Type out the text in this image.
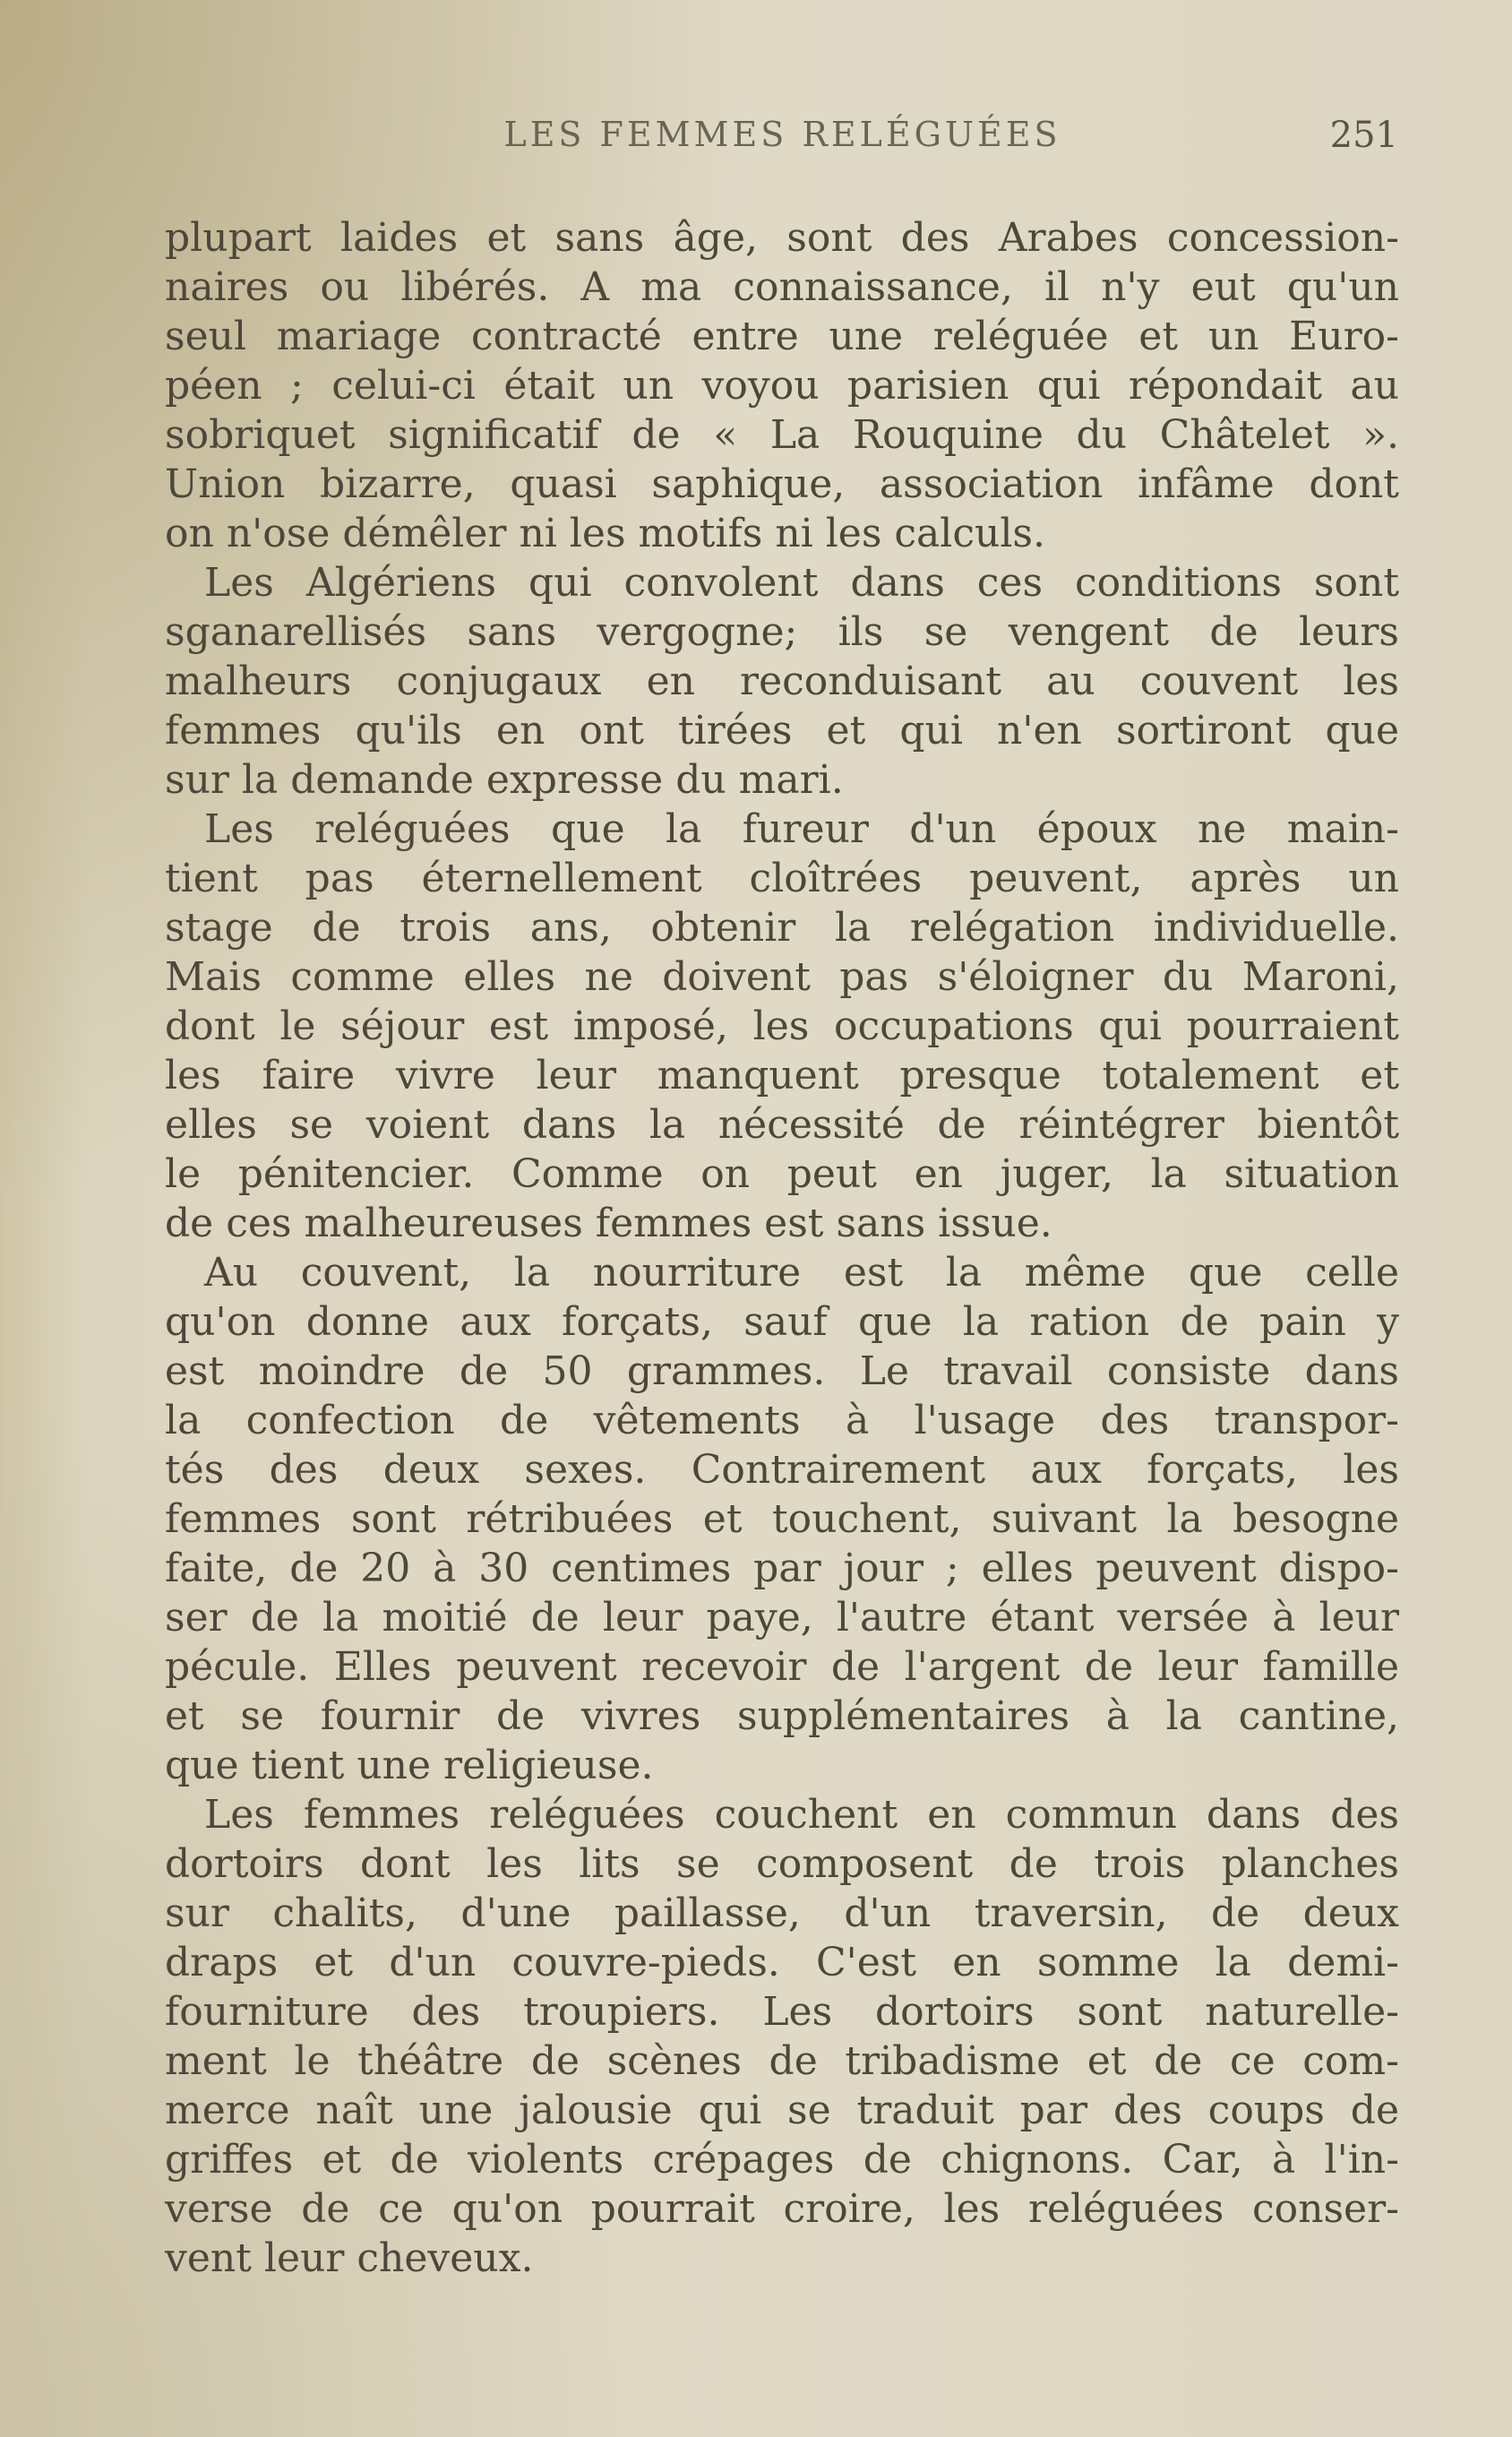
LES FEMMES RELÉGUÉES	251
plupart laides et sans âge, sont des Arabes concession-
naires ou libérés. A ma connaissance, il n'y eut qu'un
seul mariage contracté entre une reléguée et un Euro-
péen ; celui-ci était un voyou parisien qui répondait au
sobriquet significatif de « La Rouquine du Châtelet ».
Union bizarre, quasi saphique, association infâme dont
on n'ose démêler ni les motifs ni les calculs.
Les Algériens qui convolent dans ces conditions sont
sganarellisés sans vergogne; ils se vengent de leurs
malheurs conjugaux en reconduisant au couvent les
femmes qu'ils en ont tirées et qui n'en sortiront que
sur la demande expresse du mari.
Les reléguées que la fureur d'un époux ne main-
tient pas éternellement cloîtrées peuvent, après un
stage de trois ans, obtenir la relégation individuelle.
Mais comme elles ne doivent pas s'éloigner du Maroni,
dont le séjour est imposé, les occupations qui pourraient
les faire vivre leur manquent presque totalement et
elles se voient dans la nécessité de réintégrer bientôt
le pénitencier. Comme on peut en juger, la situation
de ces malheureuses femmes est sans issue.
Au couvent, la nourriture est la même que celle
qu'on donne aux forçats, sauf que la ration de pain y
est moindre de 50 grammes. Le travail consiste dans
la confection de vêtements à l'usage des transpor-
tés des deux sexes. Contrairement aux forçats, les
femmes sont rétribuées et touchent, suivant la besogne
faite, de 20 à 30 centimes par jour ; elles peuvent dispo-
ser de la moitié de leur paye, l'autre étant versée à leur
pécule. Elles peuvent recevoir de l'argent de leur famille
et se fournir de vivres supplémentaires à la cantine,
que tient une religieuse.
Les femmes reléguées couchent en commun dans des
dortoirs dont les lits se composent de trois planches
sur chalits, d'une paillasse, d'un traversin, de deux
draps et d'un couvre-pieds. C'est en somme la demi-
fourniture des troupiers. Les dortoirs sont naturelle-
ment le théâtre de scènes de tribadisme et de ce com-
merce naît une jalousie qui se traduit par des coups de
griffes et de violents crépages de chignons. Car, à l'in-
verse de ce qu'on pourrait croire, les reléguées conser-
vent leur cheveux.
